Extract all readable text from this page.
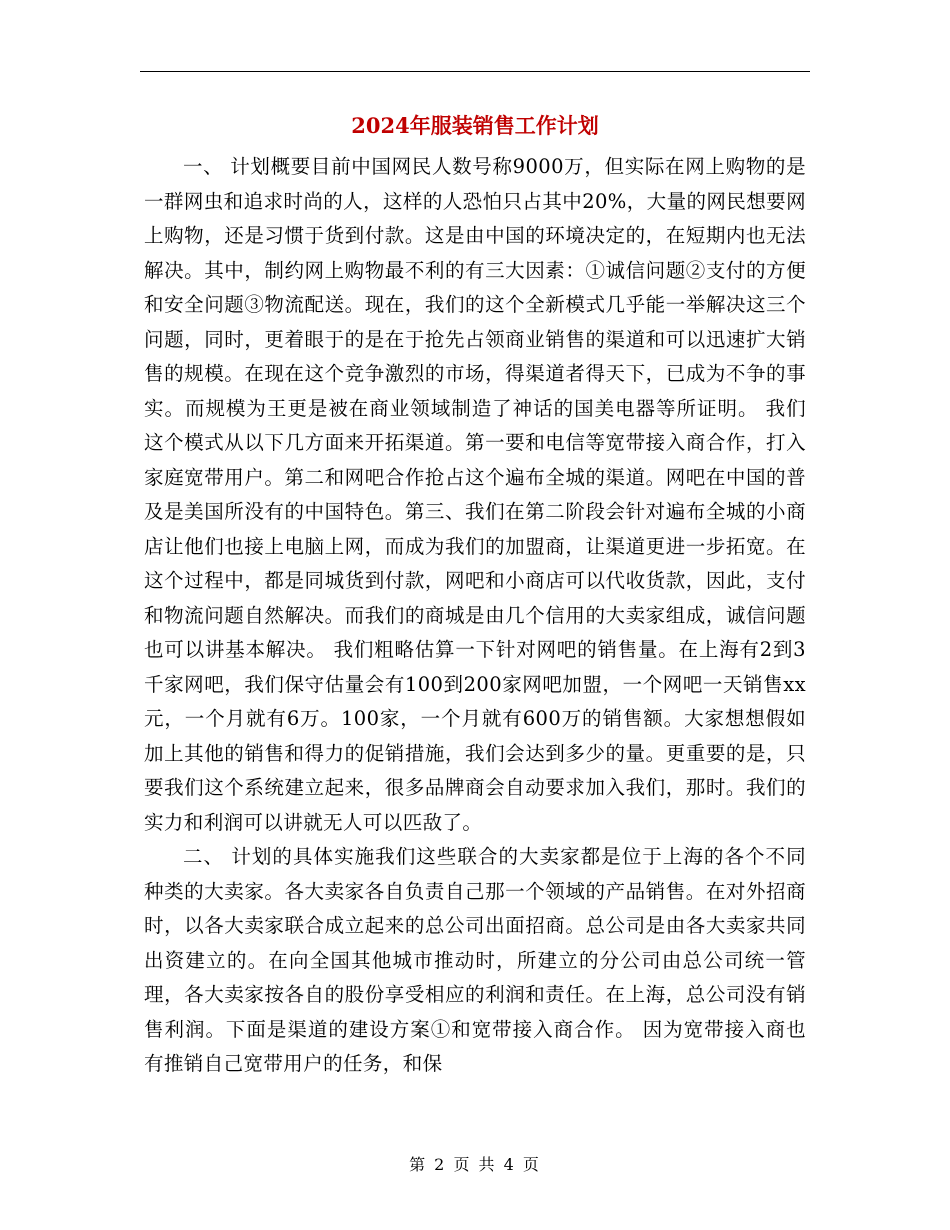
2024年服装销售工作计划

一、 计划概要目前中国网民人数号称9000万，但实际在网上购物的是一群网虫和追求时尚的人，这样的人恐怕只占其中20%，大量的网民想要网上购物，还是习惯于货到付款。这是由中国的环境决定的，在短期内也无法解决。其中，制约网上购物最不利的有三大因素：①诚信问题②支付的方便和安全问题③物流配送。现在，我们的这个全新模式几乎能一举解决这三个问题，同时，更着眼于的是在于抢先占领商业销售的渠道和可以迅速扩大销售的规模。在现在这个竞争激烈的市场，得渠道者得天下，已成为不争的事实。而规模为王更是被在商业领域制造了神话的国美电器等所证明。 我们这个模式从以下几方面来开拓渠道。第一要和电信等宽带接入商合作，打入家庭宽带用户。第二和网吧合作抢占这个遍布全城的渠道。网吧在中国的普及是美国所没有的中国特色。第三、我们在第二阶段会针对遍布全城的小商店让他们也接上电脑上网，而成为我们的加盟商，让渠道更进一步拓宽。在这个过程中，都是同城货到付款，网吧和小商店可以代收货款，因此，支付和物流问题自然解决。而我们的商城是由几个信用的大卖家组成，诚信问题也可以讲基本解决。 我们粗略估算一下针对网吧的销售量。在上海有2到3千家网吧，我们保守估量会有100到200家网吧加盟，一个网吧一天销售xx元，一个月就有6万。100家，一个月就有600万的销售额。大家想想假如加上其他的销售和得力的促销措施，我们会达到多少的量。更重要的是，只要我们这个系统建立起来，很多品牌商会自动要求加入我们，那时。我们的实力和利润可以讲就无人可以匹敌了。

二、 计划的具体实施我们这些联合的大卖家都是位于上海的各个不同种类的大卖家。各大卖家各自负责自己那一个领域的产品销售。在对外招商时，以各大卖家联合成立起来的总公司出面招商。总公司是由各大卖家共同出资建立的。在向全国其他城市推动时，所建立的分公司由总公司统一管理，各大卖家按各自的股份享受相应的利润和责任。在上海，总公司没有销售利润。下面是渠道的建设方案①和宽带接入商合作。 因为宽带接入商也有推销自己宽带用户的任务，和保

第 2 页 共 4 页
